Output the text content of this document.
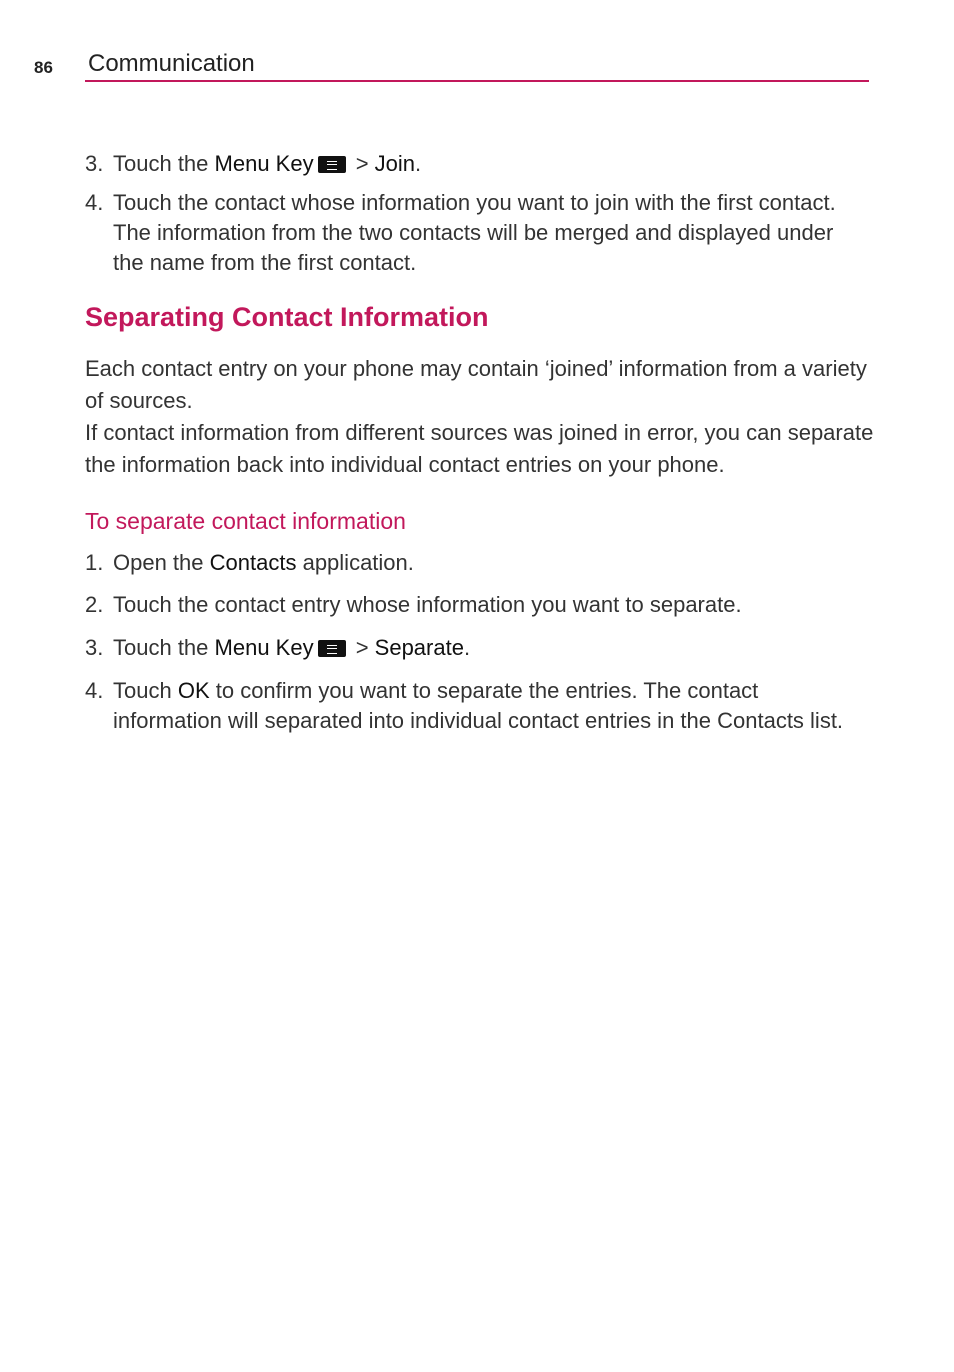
86 Communication
3. Touch the Menu Key > Join.
4. Touch the contact whose information you want to join with the first contact. The information from the two contacts will be merged and displayed under the name from the first contact.
Separating Contact Information
Each contact entry on your phone may contain ‘joined’ information from a variety of sources.
If contact information from different sources was joined in error, you can separate the information back into individual contact entries on your phone.
To separate contact information
1. Open the Contacts application.
2. Touch the contact entry whose information you want to separate.
3. Touch the Menu Key > Separate.
4. Touch OK to confirm you want to separate the entries. The contact information will separated into individual contact entries in the Contacts list.
